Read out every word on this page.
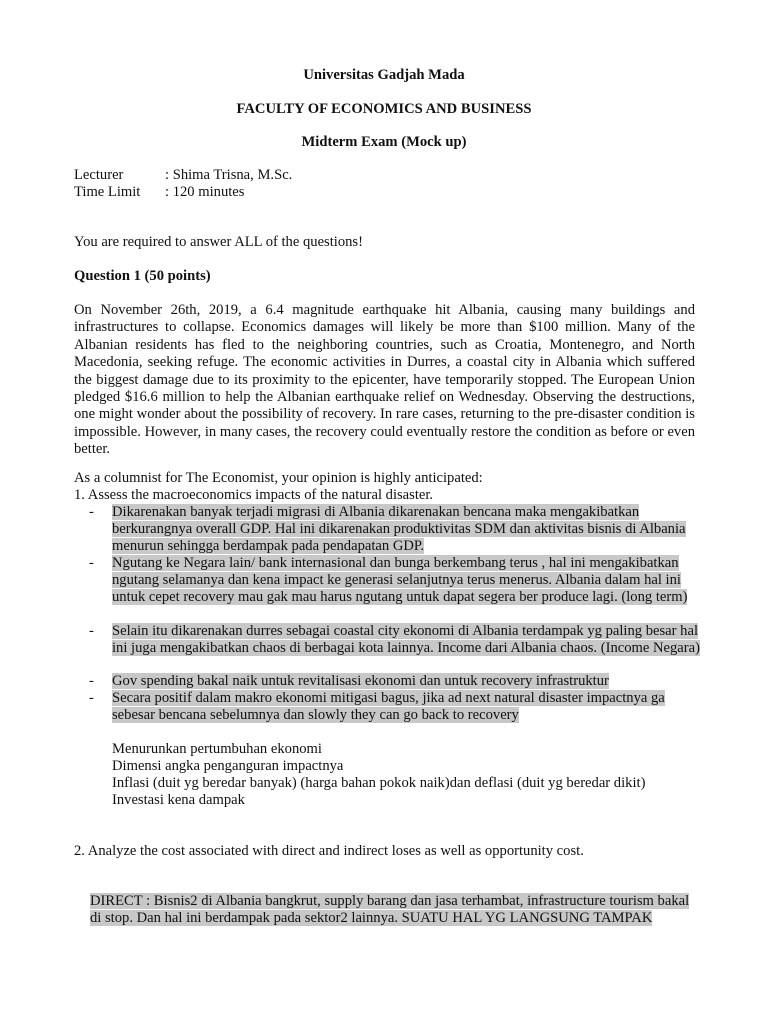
Universitas Gadjah Mada
FACULTY OF ECONOMICS AND BUSINESS
Midterm Exam (Mock up)
Lecturer	: Shima Trisna, M.Sc.
Time Limit : 120 minutes
You are required to answer ALL of the questions!
Question 1 (50 points)
On November 26th, 2019, a 6.4 magnitude earthquake hit Albania, causing many buildings and infrastructures to collapse. Economics damages will likely be more than $100 million. Many of the Albanian residents has fled to the neighboring countries, such as Croatia, Montenegro, and North Macedonia, seeking refuge. The economic activities in Durres, a coastal city in Albania which suffered the biggest damage due to its proximity to the epicenter, have temporarily stopped. The European Union pledged $16.6 million to help the Albanian earthquake relief on Wednesday. Observing the destructions, one might wonder about the possibility of recovery. In rare cases, returning to the pre-disaster condition is impossible. However, in many cases, the recovery could eventually restore the condition as before or even better.
As a columnist for The Economist, your opinion is highly anticipated:
1. Assess the macroeconomics impacts of the natural disaster.
- Dikarenakan banyak terjadi migrasi di Albania dikarenakan bencana maka mengakibatkan berkurangnya overall GDP. Hal ini dikarenakan produktivitas SDM dan aktivitas bisnis di Albania menurun sehingga berdampak pada pendapatan GDP.
- Ngutang ke Negara lain/ bank internasional dan bunga berkembang terus , hal ini mengakibatkan ngutang selamanya dan kena impact ke generasi selanjutnya terus menerus. Albania dalam hal ini untuk cepet recovery mau gak mau harus ngutang untuk dapat segera ber produce lagi. (long term)
- Selain itu dikarenakan durres sebagai coastal city ekonomi di Albania terdampak yg paling besar hal ini juga mengakibatkan chaos di berbagai kota lainnya. Income dari Albania chaos. (Income Negara)
- Gov spending bakal naik untuk revitalisasi ekonomi dan untuk recovery infrastruktur
- Secara positif dalam makro ekonomi mitigasi bagus, jika ad next natural disaster impactnya ga sebesar bencana sebelumnya dan slowly they can go back to recovery
Menurunkan pertumbuhan ekonomi
Dimensi angka penganguran impactnya
Inflasi (duit yg beredar banyak) (harga bahan pokok naik)dan deflasi (duit yg beredar dikit)
Investasi kena dampak
2. Analyze the cost associated with direct and indirect loses as well as opportunity cost.
DIRECT : Bisnis2 di Albania bangkrut, supply barang dan jasa terhambat, infrastructure tourism bakal di stop. Dan hal ini berdampak pada sektor2 lainnya. SUATU HAL YG LANGSUNG TAMPAK
